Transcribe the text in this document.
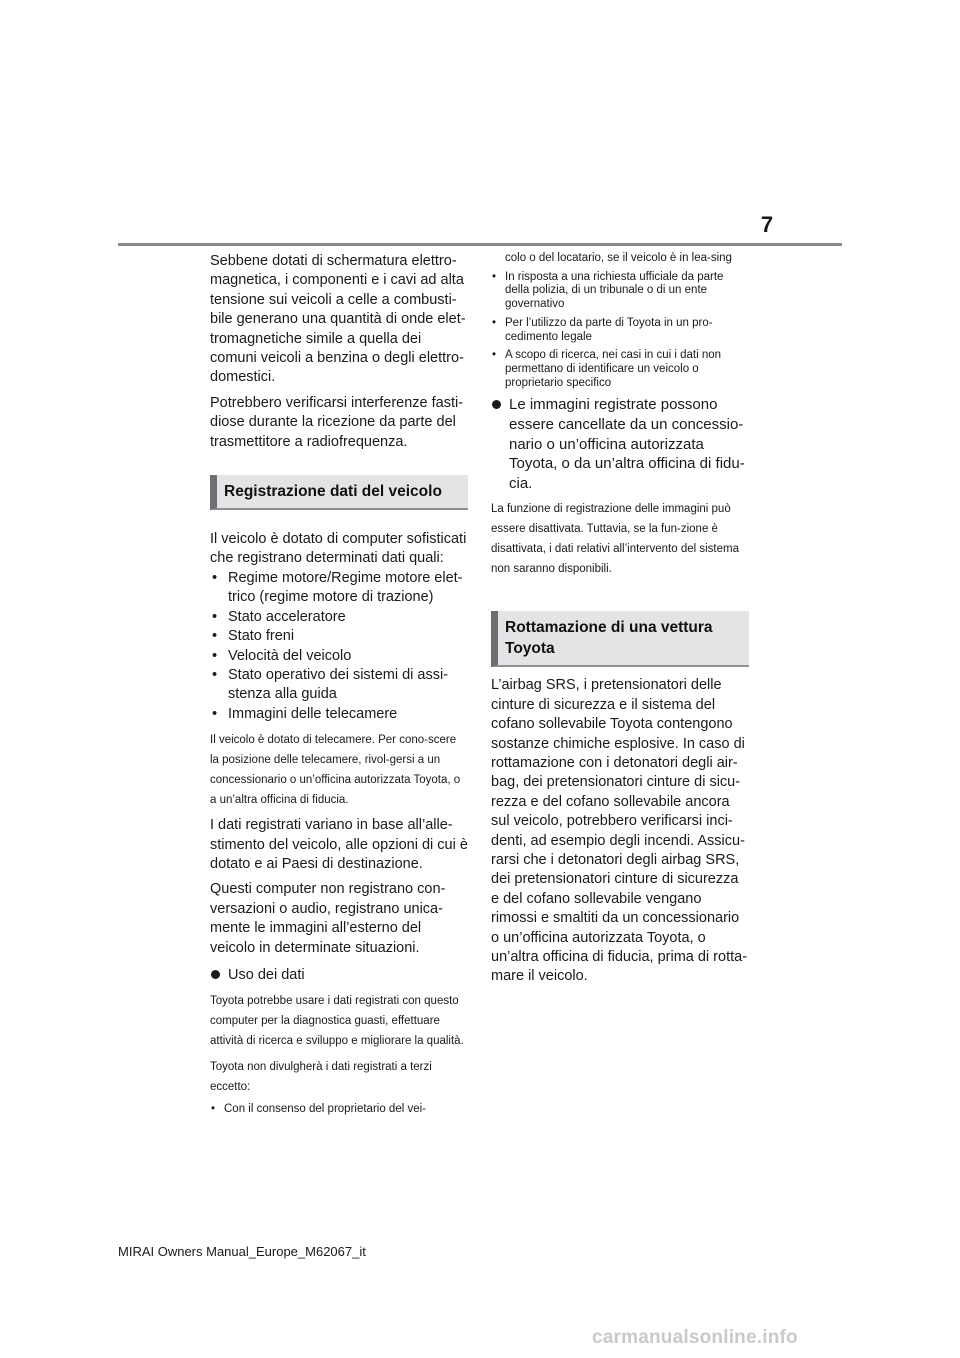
7

Sebbene dotati di schermatura elettro-magnetica, i componenti e i cavi ad alta tensione sui veicoli a celle a combusti-bile generano una quantità di onde elet-tromagnetiche simile a quella dei comuni veicoli a benzina o degli elettro-domestici.

Potrebbero verificarsi interferenze fasti-diose durante la ricezione da parte del trasmettitore a radiofrequenza.

Registrazione dati del veicolo

Il veicolo è dotato di computer sofisticati che registrano determinati dati quali:

• Regime motore/Regime motore elet-trico (regime motore di trazione)
• Stato acceleratore
• Stato freni
• Velocità del veicolo
• Stato operativo dei sistemi di assi-stenza alla guida
• Immagini delle telecamere

Il veicolo è dotato di telecamere. Per cono-scere la posizione delle telecamere, rivol-gersi a un concessionario o un’officina autorizzata Toyota, o a un’altra officina di fiducia.

I dati registrati variano in base all’alle-stimento del veicolo, alle opzioni di cui è dotato e ai Paesi di destinazione.

Questi computer non registrano con-versazioni o audio, registrano unica-mente le immagini all’esterno del veicolo in determinate situazioni.

Uso dei dati

Toyota potrebbe usare i dati registrati con questo computer per la diagnostica guasti, effettuare attività di ricerca e sviluppo e migliorare la qualità.

Toyota non divulgherà i dati registrati a terzi eccetto:

• Con il consenso del proprietario del vei-
colo o del locatario, se il veicolo è in lea-sing
• In risposta a una richiesta ufficiale da parte della polizia, di un tribunale o di un ente governativo
• Per l’utilizzo da parte di Toyota in un pro-cedimento legale
• A scopo di ricerca, nei casi in cui i dati non permettano di identificare un veicolo o proprietario specifico
Le immagini registrate possono essere cancellate da un concessio-nario o un’officina autorizzata Toyota, o da un’altra officina di fidu-cia.

La funzione di registrazione delle immagini può essere disattivata. Tuttavia, se la fun-zione è disattivata, i dati relativi all’intervento del sistema non saranno disponibili.

Rottamazione di una vettura Toyota

L’airbag SRS, i pretensionatori delle cinture di sicurezza e il sistema del cofano sollevabile Toyota contengono sostanze chimiche esplosive. In caso di rottamazione con i detonatori degli air-bag, dei pretensionatori cinture di sicu-rezza e del cofano sollevabile ancora sul veicolo, potrebbero verificarsi inci-denti, ad esempio degli incendi. Assicu-rarsi che i detonatori degli airbag SRS, dei pretensionatori cinture di sicurezza e del cofano sollevabile vengano rimossi e smaltiti da un concessionario o un’officina autorizzata Toyota, o un’altra officina di fiducia, prima di rotta-mare il veicolo.

MIRAI Owners Manual_Europe_M62067_it
carmanualsonline.info
